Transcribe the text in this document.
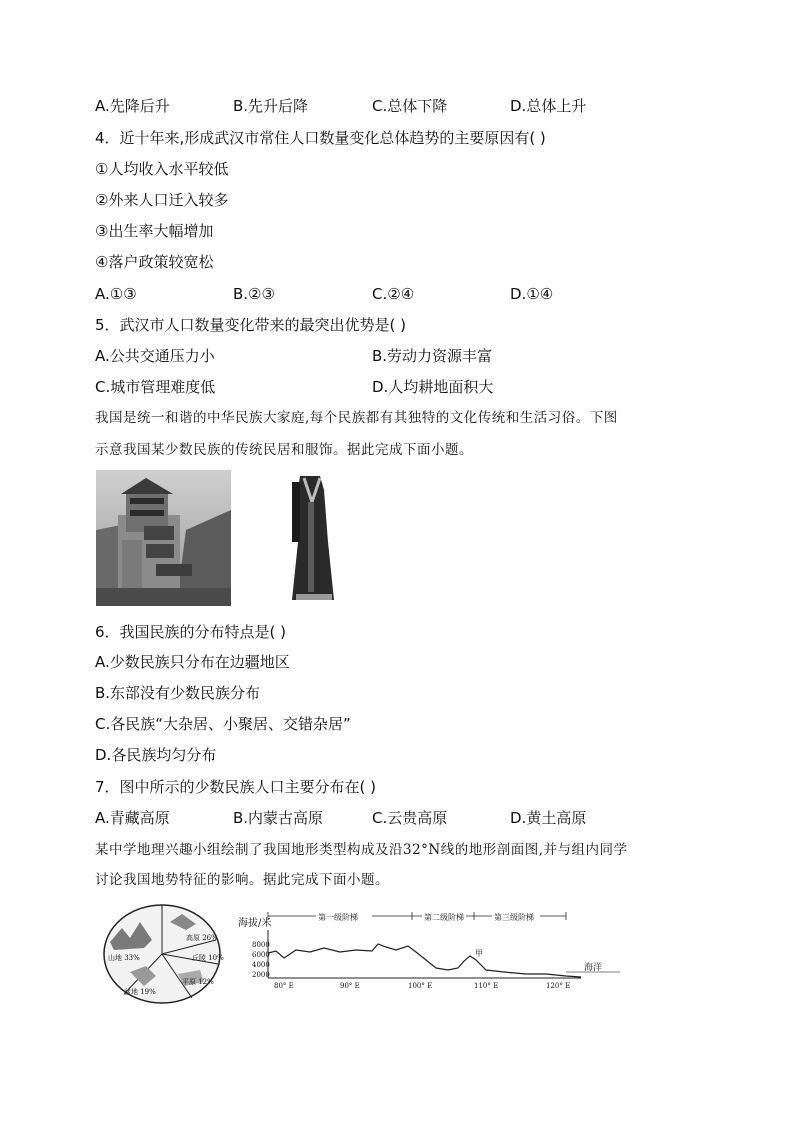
A.先降后升	B.先升后降	C.总体下降	D.总体上升
4．近十年来,形成武汉市常住人口数量变化总体趋势的主要原因有( )
①人均收入水平较低
②外来人口迁入较多
③出生率大幅增加
④落户政策较宽松
A.①③	B.②③	C.②④	D.①④
5．武汉市人口数量变化带来的最突出优势是( )
A.公共交通压力小	B.劳动力资源丰富
C.城市管理难度低	D.人均耕地面积大
我国是统一和谐的中华民族大家庭,每个民族都有其独特的文化传统和生活习俗。下图
示意我国某少数民族的传统民居和服饰。据此完成下面小题。
6．我国民族的分布特点是( )
A.少数民族只分布在边疆地区
B.东部没有少数民族分布
C.各民族“大杂居、小聚居、交错杂居”
D.各民族均匀分布
7．图中所示的少数民族人口主要分布在( )
A.青藏高原	B.内蒙古高原	C.云贵高原	D.黄土高原
某中学地理兴趣小组绘制了我国地形类型构成及沿32°N线的地形剖面图,并与组内同学
讨论我国地势特征的影响。据此完成下面小题。
高原 26%
丘陵 10%
平原 12%
盆地 19%
山地 33%
海拔/米
8000
6000
4000
2000
第一级阶梯	第二级阶梯	第三级阶梯
甲
海洋
80° E	90° E	100° E	110° E	120° E
